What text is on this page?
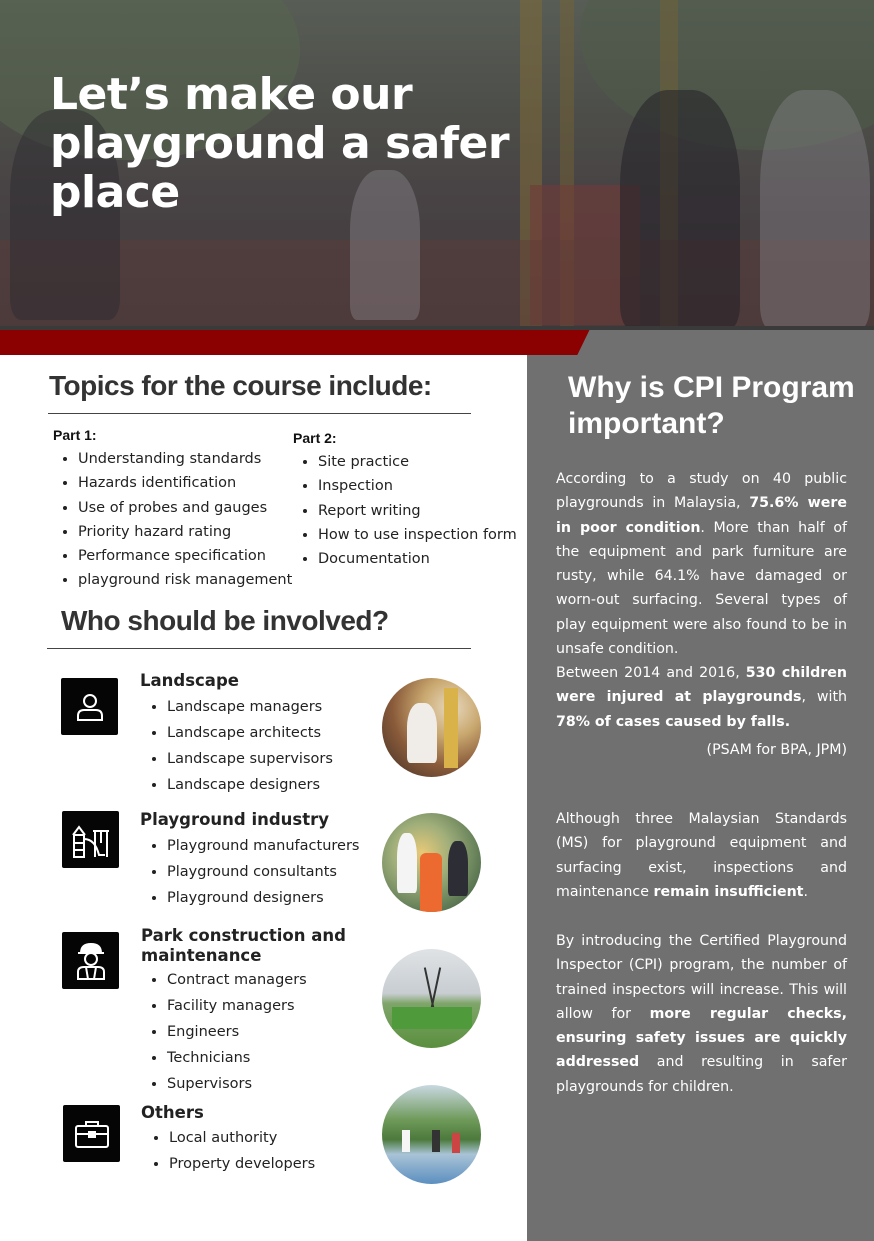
Let’s make our playground a safer place
Topics for the course include:
Part 1:
• Understanding standards
• Hazards identification
• Use of probes and gauges
• Priority hazard rating
• Performance specification
• playground risk management
Part 2:
• Site practice
• Inspection
• Report writing
• How to use inspection form
• Documentation
Who should be involved?
Landscape
• Landscape managers
• Landscape architects
• Landscape supervisors
• Landscape designers
Playground industry
• Playground manufacturers
• Playground consultants
• Playground designers
Park construction and maintenance
• Contract managers
• Facility managers
• Engineers
• Technicians
• Supervisors
Others
• Local authority
• Property developers
Why is CPI Program important?

According to a study on 40 public playgrounds in Malaysia, 75.6% were in poor condition. More than half of the equipment and park furniture are rusty, while 64.1% have damaged or worn-out surfacing. Several types of play equipment were also found to be in unsafe condition.

Between 2014 and 2016, 530 children were injured at playgrounds, with 78% of cases caused by falls.

(PSAM for BPA, JPM)

Although three Malaysian Standards (MS) for playground equipment and surfacing exist, inspections and maintenance remain insufficient.

By introducing the Certified Playground Inspector (CPI) program, the number of trained inspectors will increase. This will allow for more regular checks, ensuring safety issues are quickly addressed and resulting in safer playgrounds for children.
